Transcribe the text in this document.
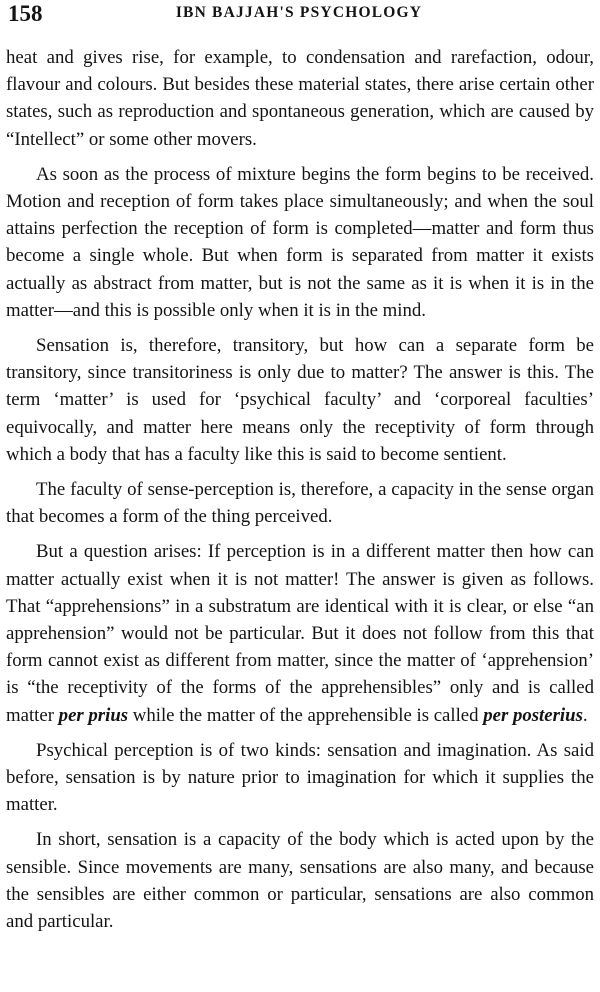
158	IBN BAJJAH'S PSYCHOLOGY

heat and gives rise, for example, to condensation and rarefaction, odour, flavour and colours. But besides these material states, there arise certain other states, such as reproduction and spontaneous generation, which are caused by “Intellect” or some other movers.

As soon as the process of mixture begins the form begins to be received. Motion and reception of form takes place simultaneously; and when the soul attains perfection the reception of form is completed—matter and form thus become a single whole. But when form is separated from matter it exists actually as abstract from matter, but is not the same as it is when it is in the matter—and this is possible only when it is in the mind.

Sensation is, therefore, transitory, but how can a separate form be transitory, since transitoriness is only due to matter? The answer is this. The term ‘matter’ is used for ‘psychical faculty’ and ‘corporeal faculties’ equivocally, and matter here means only the receptivity of form through which a body that has a faculty like this is said to become sentient.

The faculty of sense-perception is, therefore, a capacity in the sense organ that becomes a form of the thing perceived.

But a question arises: If perception is in a different matter then how can matter actually exist when it is not matter! The answer is given as follows. That “apprehensions” in a substratum are identical with it is clear, or else “an apprehension” would not be particular. But it does not follow from this that form cannot exist as different from matter, since the matter of ‘apprehension’ is “the receptivity of the forms of the apprehensibles” only and is called matter per prius while the matter of the apprehensible is called per posterius.

Psychical perception is of two kinds: sensation and imagination. As said before, sensation is by nature prior to imagination for which it supplies the matter.

In short, sensation is a capacity of the body which is acted upon by the sensible. Since movements are many, sensations are also many, and because the sensibles are either common or particular, sensations are also common and particular.
